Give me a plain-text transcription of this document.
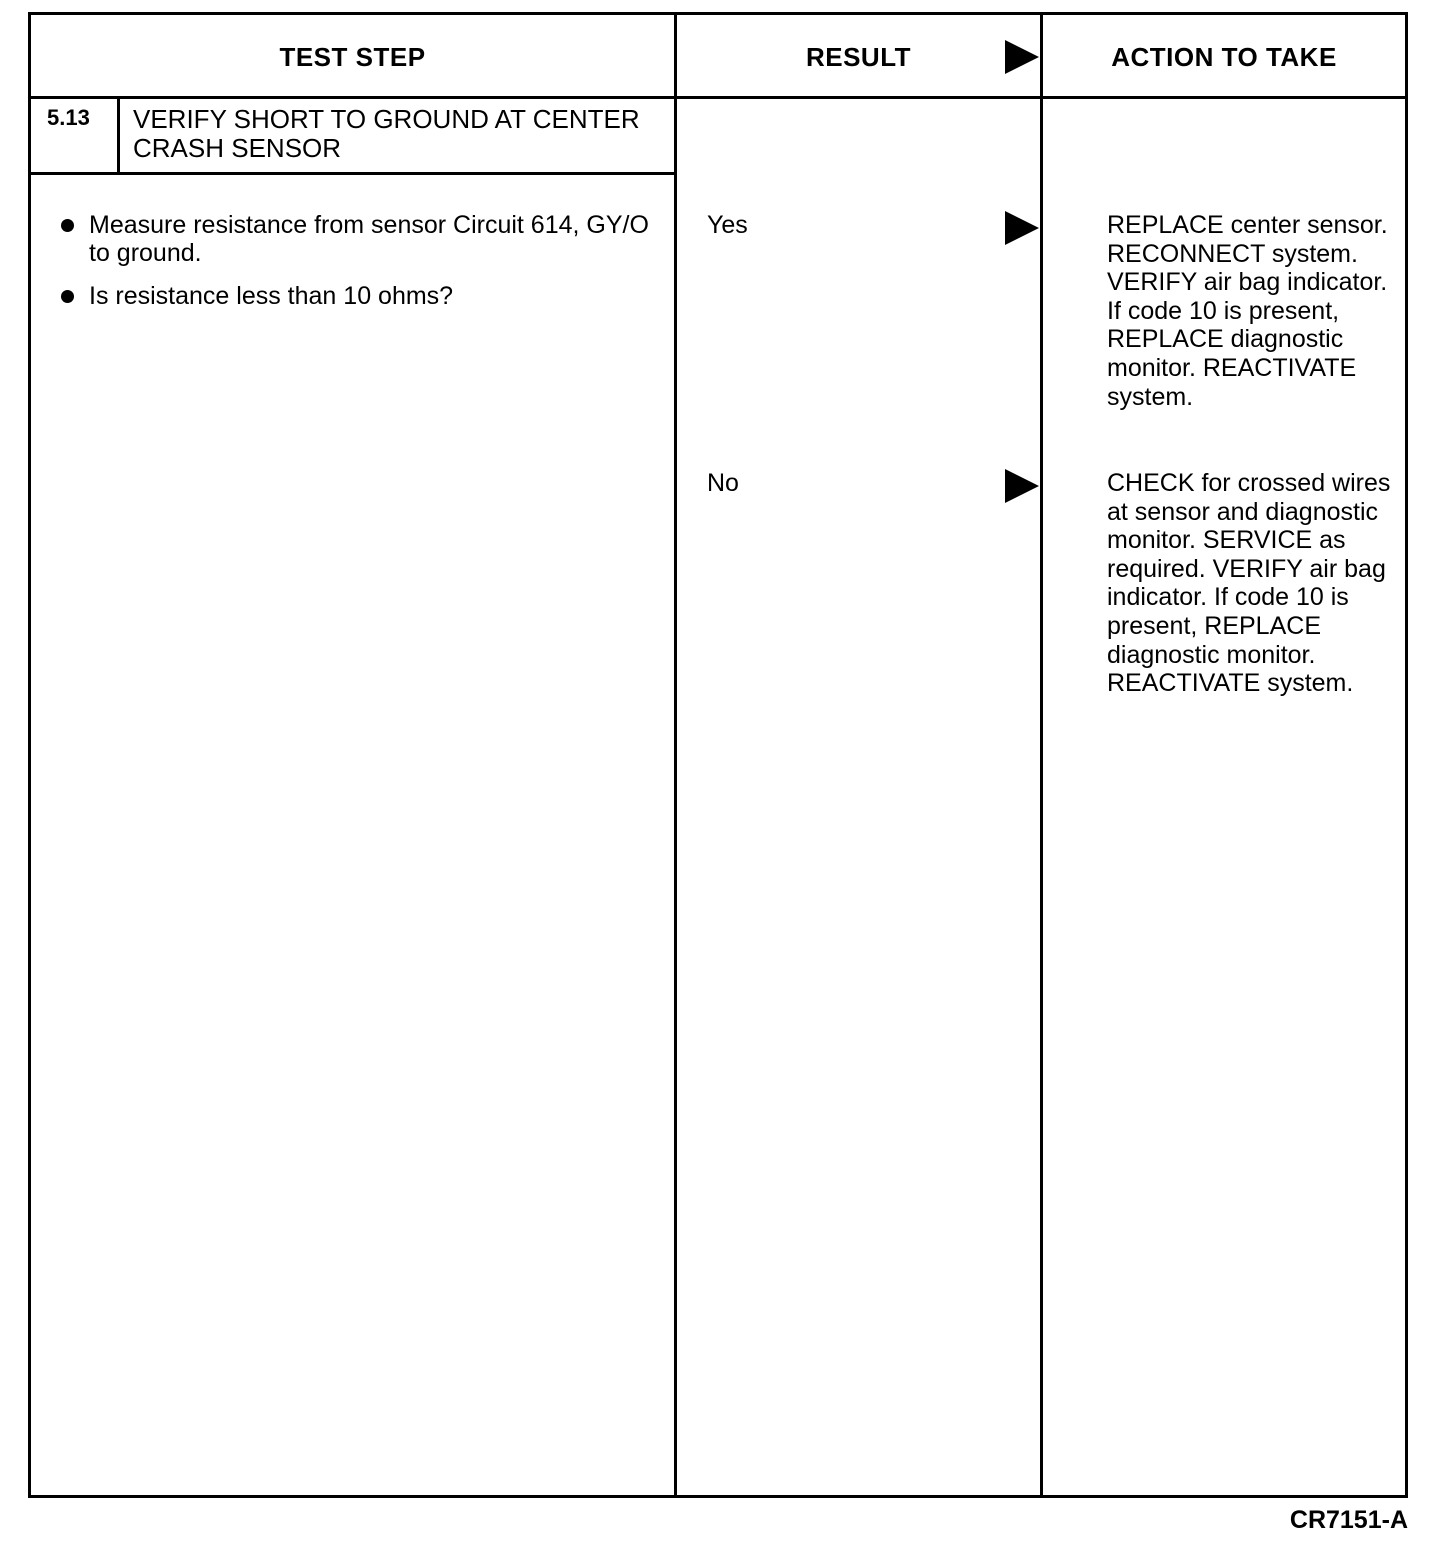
TEST STEP	RESULT	ACTION TO TAKE
5.13 VERIFY SHORT TO GROUND AT CENTER CRASH SENSOR
Measure resistance from sensor Circuit 614, GY/O to ground.
Is resistance less than 10 ohms?
Yes	REPLACE center sensor. RECONNECT system. VERIFY air bag indicator. If code 10 is present, REPLACE diagnostic monitor. REACTIVATE system.
No	CHECK for crossed wires at sensor and diagnostic monitor. SERVICE as required. VERIFY air bag indicator. If code 10 is present, REPLACE diagnostic monitor. REACTIVATE system.
CR7151-A
